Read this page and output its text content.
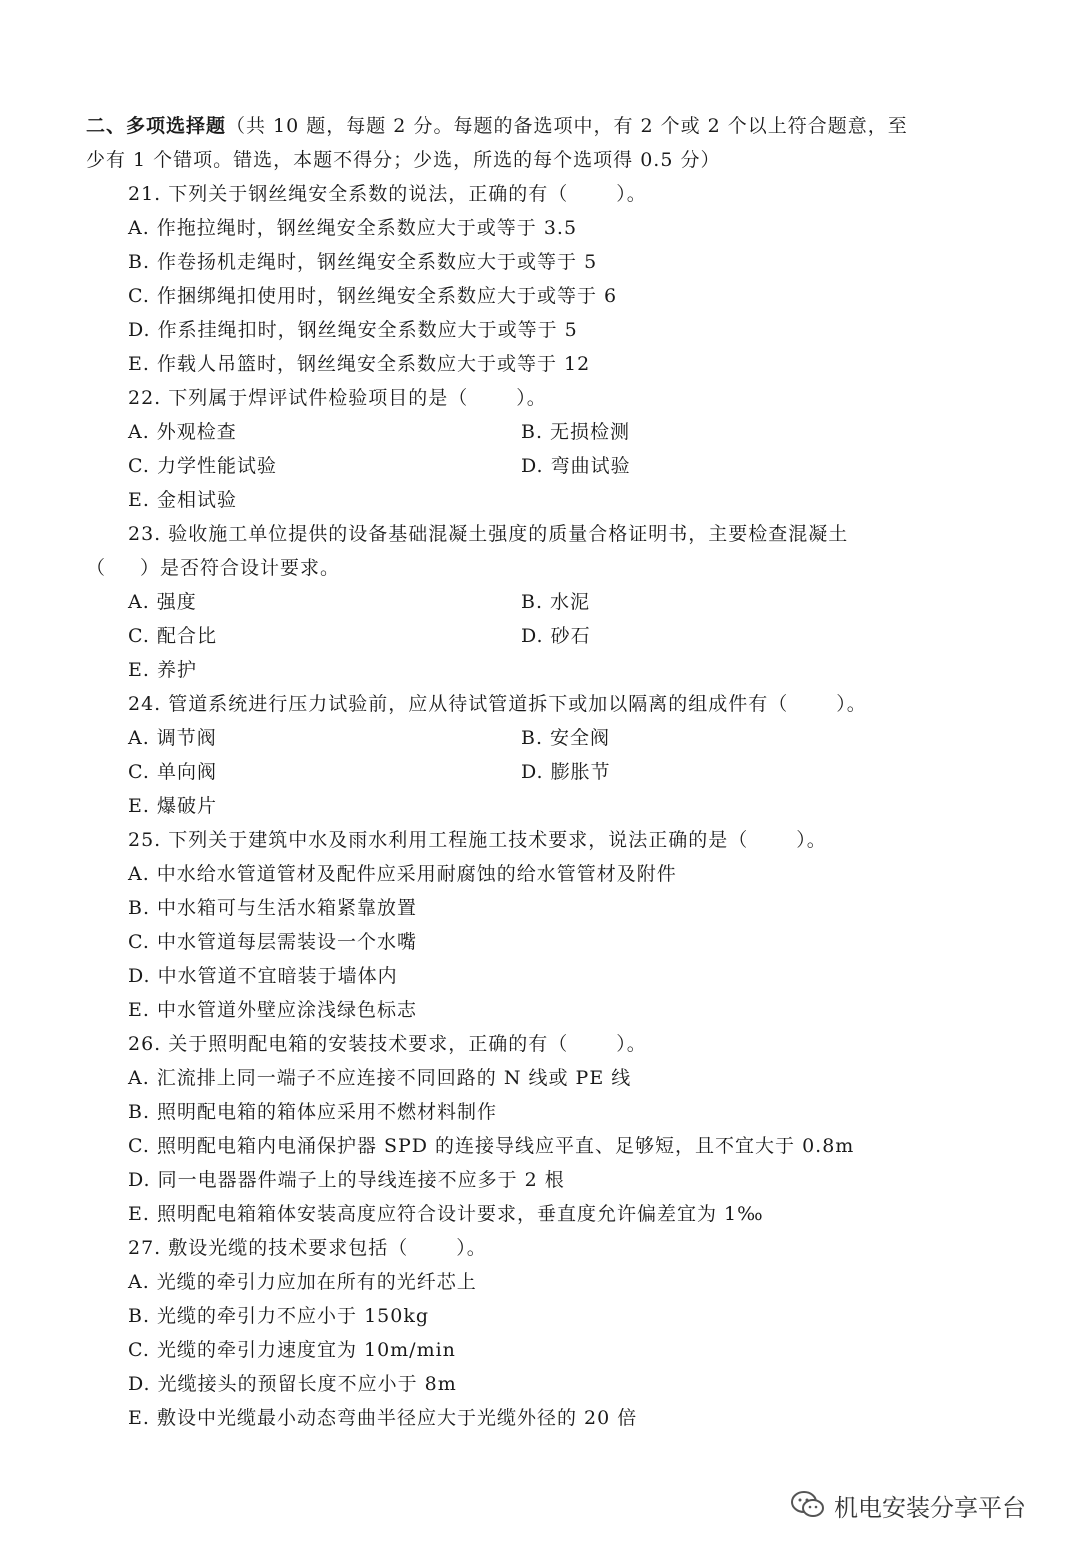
二、多项选择题（共 10 题，每题 2 分。每题的备选项中，有 2 个或 2 个以上符合题意，至
少有 1 个错项。错选，本题不得分；少选，所选的每个选项得 0.5 分）
21. 下列关于钢丝绳安全系数的说法，正确的有（	）。
A. 作拖拉绳时，钢丝绳安全系数应大于或等于 3.5
B. 作卷扬机走绳时，钢丝绳安全系数应大于或等于 5
C. 作捆绑绳扣使用时，钢丝绳安全系数应大于或等于 6
D. 作系挂绳扣时，钢丝绳安全系数应大于或等于 5
E. 作载人吊篮时，钢丝绳安全系数应大于或等于 12
22. 下列属于焊评试件检验项目的是（	）。
A. 外观检查	B. 无损检测
C. 力学性能试验	D. 弯曲试验
E. 金相试验
23. 验收施工单位提供的设备基础混凝土强度的质量合格证明书，主要检查混凝土
（ ）是否符合设计要求。
A. 强度	B. 水泥
C. 配合比	D. 砂石
E. 养护
24. 管道系统进行压力试验前，应从待试管道拆下或加以隔离的组成件有（	）。
A. 调节阀	B. 安全阀
C. 单向阀	D. 膨胀节
E. 爆破片
25. 下列关于建筑中水及雨水利用工程施工技术要求，说法正确的是（	）。
A. 中水给水管道管材及配件应采用耐腐蚀的给水管管材及附件
B. 中水箱可与生活水箱紧靠放置
C. 中水管道每层需装设一个水嘴
D. 中水管道不宜暗装于墙体内
E. 中水管道外壁应涂浅绿色标志
26. 关于照明配电箱的安装技术要求，正确的有（	）。
A. 汇流排上同一端子不应连接不同回路的 N 线或 PE 线
B. 照明配电箱的箱体应采用不燃材料制作
C. 照明配电箱内电涌保护器 SPD 的连接导线应平直、足够短，且不宜大于 0.8m
D. 同一电器器件端子上的导线连接不应多于 2 根
E. 照明配电箱箱体安装高度应符合设计要求，垂直度允许偏差宜为 1‰
27. 敷设光缆的技术要求包括（	）。
A. 光缆的牵引力应加在所有的光纤芯上
B. 光缆的牵引力不应小于 150kg
C. 光缆的牵引力速度宜为 10m/min
D. 光缆接头的预留长度不应小于 8m
E. 敷设中光缆最小动态弯曲半径应大于光缆外径的 20 倍
机电安装分享平台
